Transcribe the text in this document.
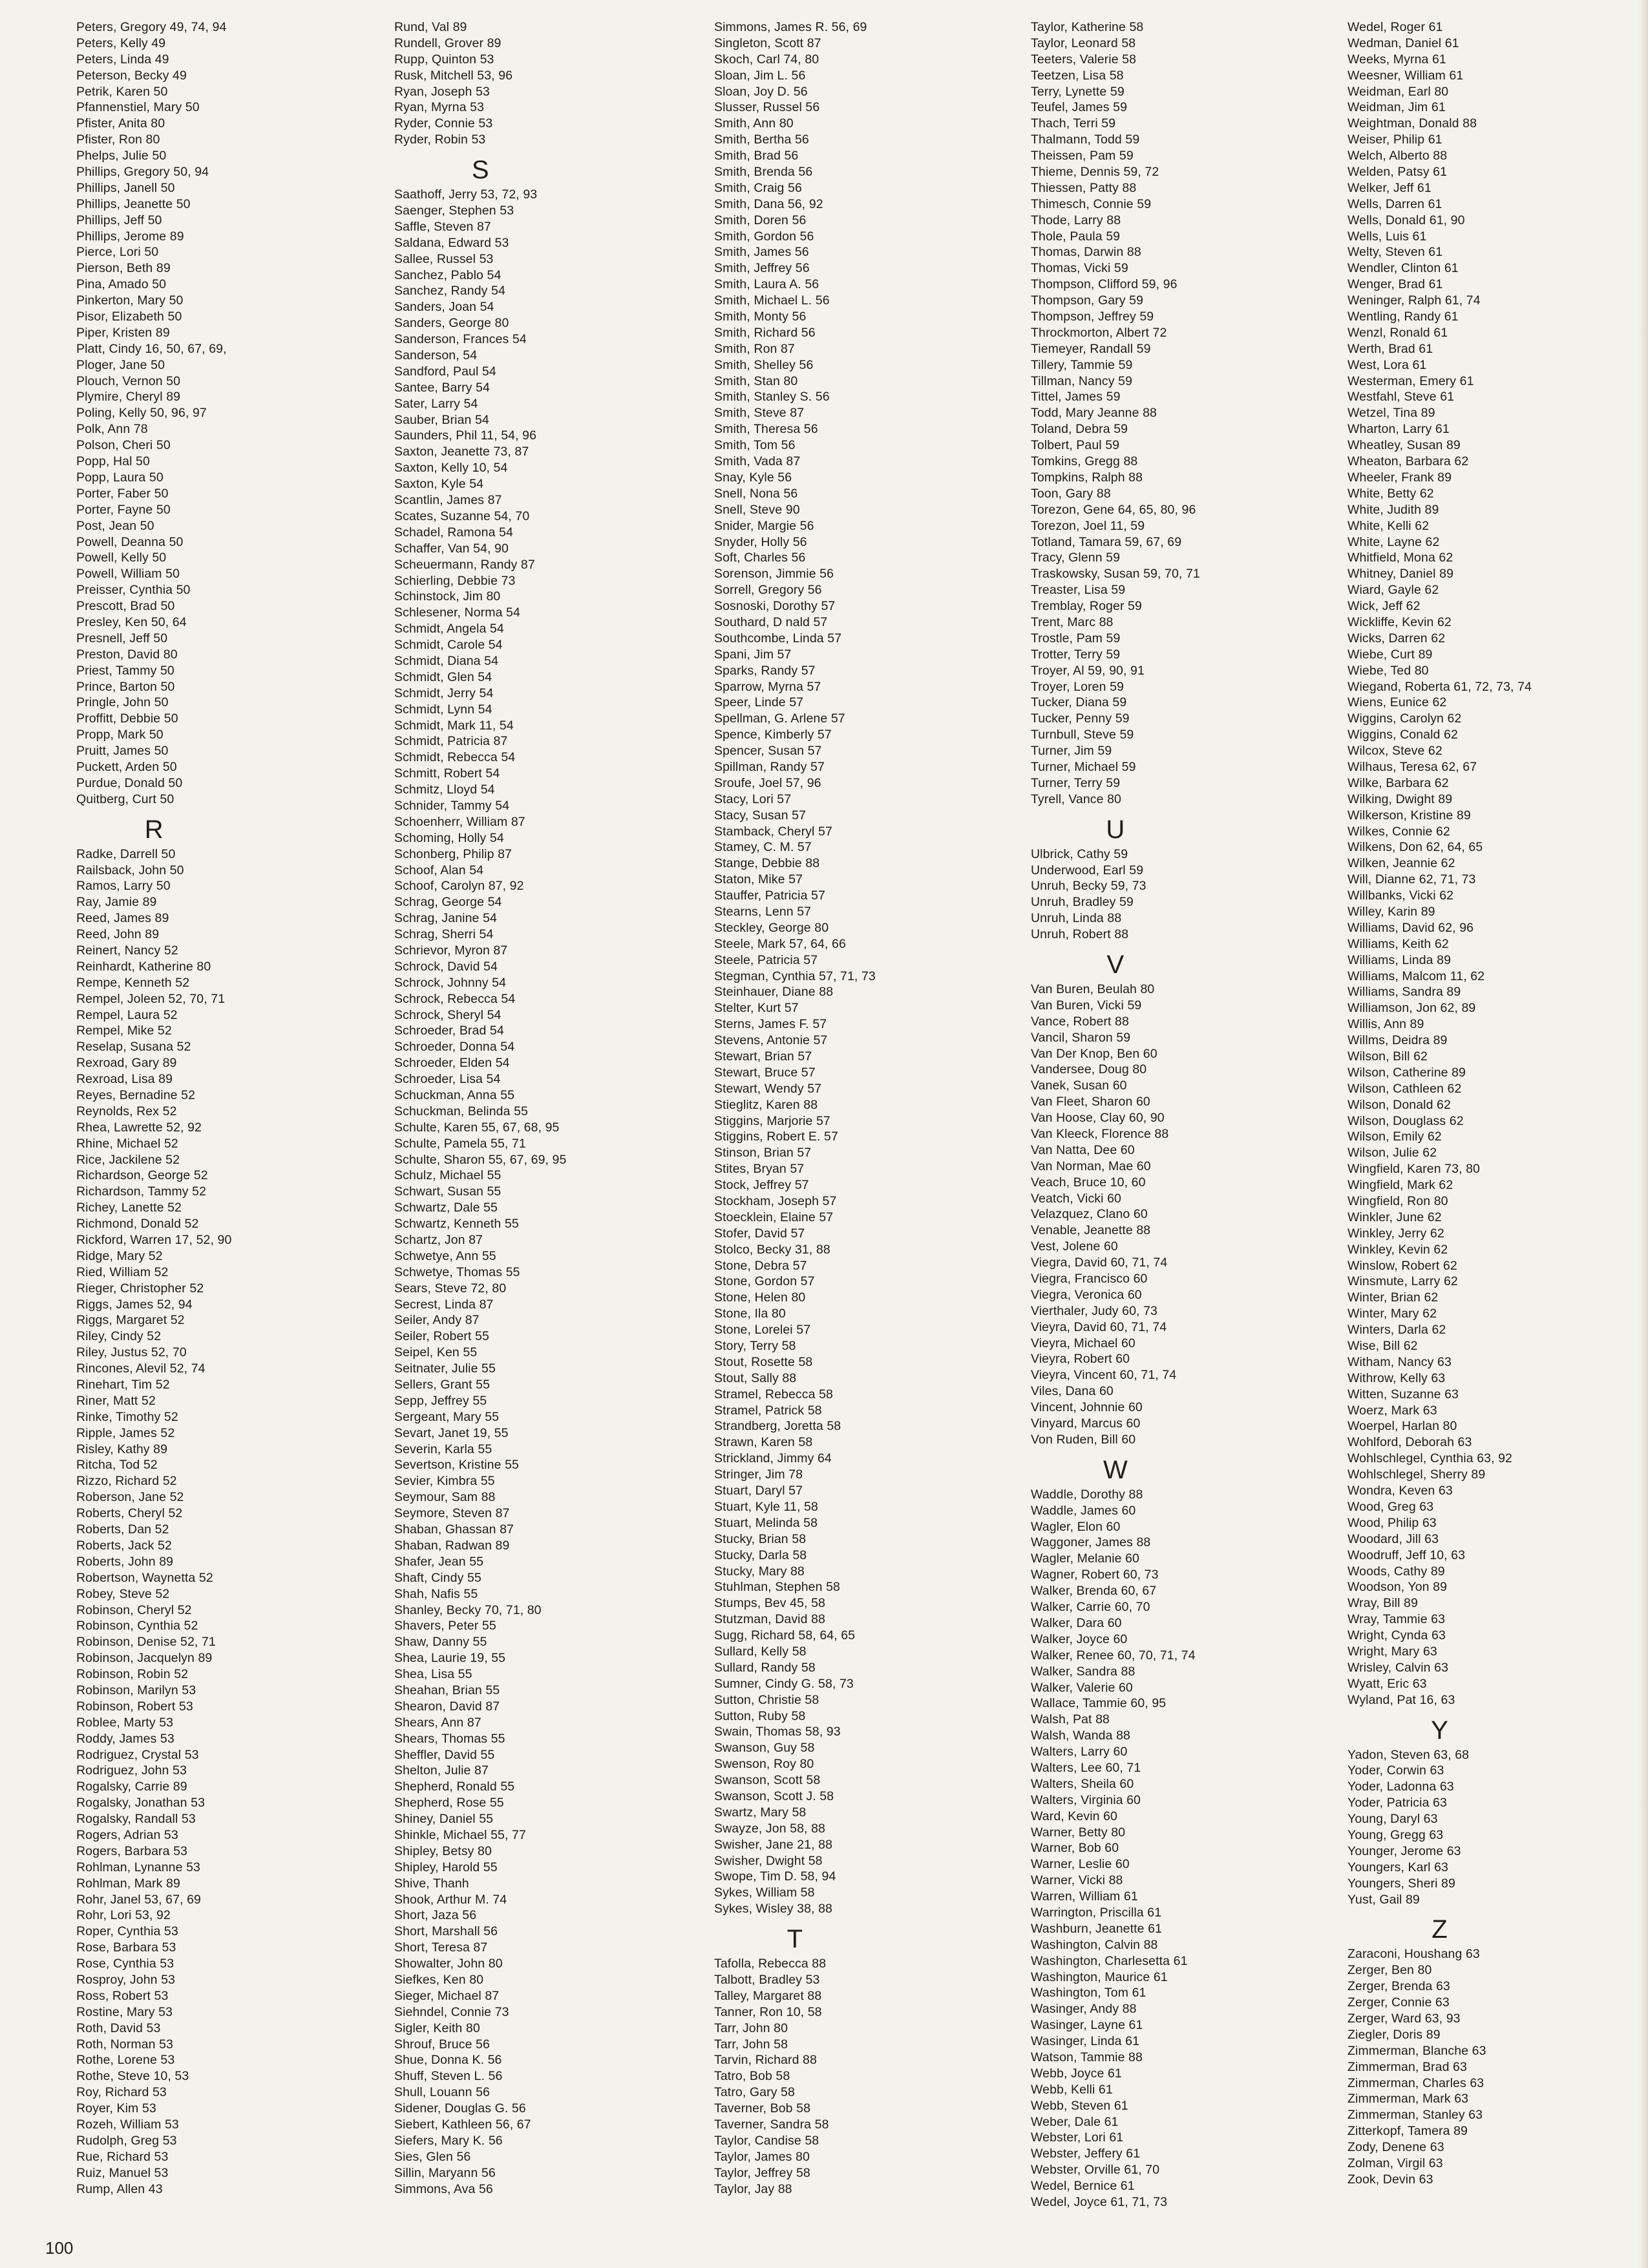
Peters, Gregory 49, 74, 94
Peters, Kelly 49
Peters, Linda 49
Peterson, Becky 49
Petrik, Karen 50
Pfannenstiel, Mary 50
Pfister, Anita 80
Pfister, Ron 80
Phelps, Julie 50
Phillips, Gregory 50, 94
Phillips, Janell 50
Phillips, Jeanette 50
Phillips, Jeff 50
Phillips, Jerome 89
Pierce, Lori 50
Pierson, Beth 89
Pina, Amado 50
Pinkerton, Mary 50
Pisor, Elizabeth 50
Piper, Kristen 89
Platt, Cindy 16, 50, 67, 69,
Ploger, Jane 50
Plouch, Vernon 50
Plymire, Cheryl 89
Poling, Kelly 50, 96, 97
Polk, Ann 78
Polson, Cheri 50
Popp, Hal 50
Popp, Laura 50
Porter, Faber 50
Porter, Fayne 50
Post, Jean 50
Powell, Deanna 50
Powell, Kelly 50
Powell, William 50
Preisser, Cynthia 50
Prescott, Brad 50
Presley, Ken 50, 64
Presnell, Jeff 50
Preston, David 80
Priest, Tammy 50
Prince, Barton 50
Pringle, John 50
Proffitt, Debbie 50
Propp, Mark 50
Pruitt, James 50
Puckett, Arden 50
Purdue, Donald 50
Quitberg, Curt 50
R
Radke, Darrell 50
Railsback, John 50
Ramos, Larry 50
Ray, Jamie 89
Reed, James 89
Reed, John 89
Reinert, Nancy 52
Reinhardt, Katherine 80
Rempe, Kenneth 52
Rempel, Joleen 52, 70, 71
Rempel, Laura 52
Rempel, Mike 52
Reselap, Susana 52
Rexroad, Gary 89
Rexroad, Lisa 89
Reyes, Bernadine 52
Reynolds, Rex 52
Rhea, Lawrette 52, 92
Rhine, Michael 52
Rice, Jackilene 52
Richardson, George 52
Richardson, Tammy 52
Richey, Lanette 52
Richmond, Donald 52
Rickford, Warren 17, 52, 90
Ridge, Mary 52
Ried, William 52
Rieger, Christopher 52
Riggs, James 52, 94
Riggs, Margaret 52
Riley, Cindy 52
Riley, Justus 52, 70
Rincones, Alevil 52, 74
Rinehart, Tim 52
Riner, Matt 52
Rinke, Timothy 52
Ripple, James 52
Risley, Kathy 89
Ritcha, Tod 52
Rizzo, Richard 52
Roberson, Jane 52
Roberts, Cheryl 52
Roberts, Dan 52
Roberts, Jack 52
Roberts, John 89
Robertson, Waynetta 52
Robey, Steve 52
Robinson, Cheryl 52
Robinson, Cynthia 52
Robinson, Denise 52, 71
Robinson, Jacquelyn 89
Robinson, Robin 52
Robinson, Marilyn 53
Robinson, Robert 53
Roblee, Marty 53
Roddy, James 53
Rodriguez, Crystal 53
Rodriguez, John 53
Rogalsky, Carrie 89
Rogalsky, Jonathan 53
Rogalsky, Randall 53
Rogers, Adrian 53
Rogers, Barbara 53
Rohlman, Lynanne 53
Rohlman, Mark 89
Rohr, Janel 53, 67, 69
Rohr, Lori 53, 92
Roper, Cynthia 53
Rose, Barbara 53
Rose, Cynthia 53
Rosproy, John 53
Ross, Robert 53
Rostine, Mary 53
Roth, David 53
Roth, Norman 53
Rothe, Lorene 53
Rothe, Steve 10, 53
Roy, Richard 53
Royer, Kim 53
Rozeh, William 53
Rudolph, Greg 53
Rue, Richard 53
Ruiz, Manuel 53
Rump, Allen 43
Rund, Val 89
Rundell, Grover 89
Rupp, Quinton 53
Rusk, Mitchell 53, 96
Ryan, Joseph 53
Ryan, Myrna 53
Ryder, Connie 53
Ryder, Robin 53
S
Saathoff, Jerry 53, 72, 93
Saenger, Stephen 53
Saffle, Steven 87
Saldana, Edward 53
Sallee, Russel 53
Sanchez, Pablo 54
Sanchez, Randy 54
Sanders, Joan 54
Sanders, George 80
Sanderson, Frances 54
Sanderson, 54
Sandford, Paul 54
Santee, Barry 54
Sater, Larry 54
Sauber, Brian 54
Saunders, Phil 11, 54, 96
Saxton, Jeanette 73, 87
Saxton, Kelly 10, 54
Saxton, Kyle 54
Scantlin, James 87
Scates, Suzanne 54, 70
Schadel, Ramona 54
Schaffer, Van 54, 90
Scheuermann, Randy 87
Schierling, Debbie 73
Schinstock, Jim 80
Schlesener, Norma 54
Schmidt, Angela 54
Schmidt, Carole 54
Schmidt, Diana 54
Schmidt, Glen 54
Schmidt, Jerry 54
Schmidt, Lynn 54
Schmidt, Mark 11, 54
Schmidt, Patricia 87
Schmidt, Rebecca 54
Schmitt, Robert 54
Schmitz, Lloyd 54
Schnider, Tammy 54
Schoenherr, William 87
Schoming, Holly 54
Schonberg, Philip 87
Schoof, Alan 54
Schoof, Carolyn 87, 92
Schrag, George 54
Schrag, Janine 54
Schrag, Sherri 54
Schrievor, Myron 87
Schrock, David 54
Schrock, Johnny 54
Schrock, Rebecca 54
Schrock, Sheryl 54
Schroeder, Brad 54
Schroeder, Donna 54
Schroeder, Elden 54
Schroeder, Lisa 54
Schuckman, Anna 55
Schuckman, Belinda 55
Schulte, Karen 55, 67, 68, 95
Schulte, Pamela 55, 71
Schulte, Sharon 55, 67, 69, 95
Schulz, Michael 55
Schwart, Susan 55
Schwartz, Dale 55
Schwartz, Kenneth 55
Schartz, Jon 87
Schwetye, Ann 55
Schwetye, Thomas 55
Sears, Steve 72, 80
Secrest, Linda 87
Seiler, Andy 87
Seiler, Robert 55
Seipel, Ken 55
Seitnater, Julie 55
Sellers, Grant 55
Sepp, Jeffrey 55
Sergeant, Mary 55
Sevart, Janet 19, 55
Severin, Karla 55
Severtson, Kristine 55
Sevier, Kimbra 55
Seymour, Sam 88
Seymore, Steven 87
Shaban, Ghassan 87
Shaban, Radwan 89
Shafer, Jean 55
Shaft, Cindy 55
Shah, Nafis 55
Shanley, Becky 70, 71, 80
Shavers, Peter 55
Shaw, Danny 55
Shea, Laurie 19, 55
Shea, Lisa 55
Sheahan, Brian 55
Shearon, David 87
Shears, Ann 87
Shears, Thomas 55
Sheffler, David 55
Shelton, Julie 87
Shepherd, Ronald 55
Shepherd, Rose 55
Shiney, Daniel 55
Shinkle, Michael 55, 77
Shipley, Betsy 80
Shipley, Harold 55
Shive, Thanh
Shook, Arthur M. 74
Short, Jaza 56
Short, Marshall 56
Short, Teresa 87
Showalter, John 80
Siefkes, Ken 80
Sieger, Michael 87
Siehndel, Connie 73
Sigler, Keith 80
Shrouf, Bruce 56
Shue, Donna K. 56
Shuff, Steven L. 56
Shull, Louann 56
Sidener, Douglas G. 56
Siebert, Kathleen 56, 67
Siefers, Mary K. 56
Sies, Glen 56
Sillin, Maryann 56
Simmons, Ava 56
Simmons, James R. 56, 69
Singleton, Scott 87
Skoch, Carl 74, 80
Sloan, Jim L. 56
Sloan, Joy D. 56
Slusser, Russel 56
Smith, Ann 80
Smith, Bertha 56
Smith, Brad 56
Smith, Brenda 56
Smith, Craig 56
Smith, Dana 56, 92
Smith, Doren 56
Smith, Gordon 56
Smith, James 56
Smith, Jeffrey 56
Smith, Laura A. 56
Smith, Michael L. 56
Smith, Monty 56
Smith, Richard 56
Smith, Ron 87
Smith, Shelley 56
Smith, Stan 80
Smith, Stanley S. 56
Smith, Steve 87
Smith, Theresa 56
Smith, Tom 56
Smith, Vada 87
Snay, Kyle 56
Snell, Nona 56
Snell, Steve 90
Snider, Margie 56
Snyder, Holly 56
Soft, Charles 56
Sorenson, Jimmie 56
Sorrell, Gregory 56
Sosnoski, Dorothy 57
Southard, D nald 57
Southcombe, Linda 57
Spani, Jim 57
Sparks, Randy 57
Sparrow, Myrna 57
Speer, Linde 57
Spellman, G. Arlene 57
Spence, Kimberly 57
Spencer, Susan 57
Spillman, Randy 57
Sroufe, Joel 57, 96
Stacy, Lori 57
Stacy, Susan 57
Stamback, Cheryl 57
Stamey, C. M. 57
Stange, Debbie 88
Staton, Mike 57
Stauffer, Patricia 57
Stearns, Lenn 57
Steckley, George 80
Steele, Mark 57, 64, 66
Steele, Patricia 57
Stegman, Cynthia 57, 71, 73
Steinhauer, Diane 88
Stelter, Kurt 57
Sterns, James F. 57
Stevens, Antonie 57
Stewart, Brian 57
Stewart, Bruce 57
Stewart, Wendy 57
Stieglitz, Karen 88
Stiggins, Marjorie 57
Stiggins, Robert E. 57
Stinson, Brian 57
Stites, Bryan 57
Stock, Jeffrey 57
Stockham, Joseph 57
Stoecklein, Elaine 57
Stofer, David 57
Stolco, Becky 31, 88
Stone, Debra 57
Stone, Gordon 57
Stone, Helen 80
Stone, Ila 80
Stone, Lorelei 57
Story, Terry 58
Stout, Rosette 58
Stout, Sally 88
Stramel, Rebecca 58
Stramel, Patrick 58
Strandberg, Joretta 58
Strawn, Karen 58
Strickland, Jimmy 64
Stringer, Jim 78
Stuart, Daryl 57
Stuart, Kyle 11, 58
Stuart, Melinda 58
Stucky, Brian 58
Stucky, Darla 58
Stucky, Mary 88
Stuhlman, Stephen 58
Stumps, Bev 45, 58
Stutzman, David 88
Sugg, Richard 58, 64, 65
Sullard, Kelly 58
Sullard, Randy 58
Sumner, Cindy G. 58, 73
Sutton, Christie 58
Sutton, Ruby 58
Swain, Thomas 58, 93
Swanson, Guy 58
Swenson, Roy 80
Swanson, Scott 58
Swanson, Scott J. 58
Swartz, Mary 58
Swayze, Jon 58, 88
Swisher, Jane 21, 88
Swisher, Dwight 58
Swope, Tim D. 58, 94
Sykes, William 58
Sykes, Wisley 38, 88
T
Tafolla, Rebecca 88
Talbott, Bradley 53
Talley, Margaret 88
Tanner, Ron 10, 58
Tarr, John 80
Tarr, John 58
Tarvin, Richard 88
Tatro, Bob 58
Tatro, Gary 58
Taverner, Bob 58
Taverner, Sandra 58
Taylor, Candise 58
Taylor, James 80
Taylor, Jeffrey 58
Taylor, Jay 88
Taylor, Katherine 58
Taylor, Leonard 58
Teeters, Valerie 58
Teetzen, Lisa 58
Terry, Lynette 59
Teufel, James 59
Thach, Terri 59
Thalmann, Todd 59
Theissen, Pam 59
Thieme, Dennis 59, 72
Thiessen, Patty 88
Thimesch, Connie 59
Thode, Larry 88
Thole, Paula 59
Thomas, Darwin 88
Thomas, Vicki 59
Thompson, Clifford 59, 96
Thompson, Gary 59
Thompson, Jeffrey 59
Throckmorton, Albert 72
Tiemeyer, Randall 59
Tillery, Tammie 59
Tillman, Nancy 59
Tittel, James 59
Todd, Mary Jeanne 88
Toland, Debra 59
Tolbert, Paul 59
Tomkins, Gregg 88
Tompkins, Ralph 88
Toon, Gary 88
Torezon, Gene 64, 65, 80, 96
Torezon, Joel 11, 59
Totland, Tamara 59, 67, 69
Tracy, Glenn 59
Traskowsky, Susan 59, 70, 71
Treaster, Lisa 59
Tremblay, Roger 59
Trent, Marc 88
Trostle, Pam 59
Trotter, Terry 59
Troyer, Al 59, 90, 91
Troyer, Loren 59
Tucker, Diana 59
Tucker, Penny 59
Turnbull, Steve 59
Turner, Jim 59
Turner, Michael 59
Turner, Terry 59
Tyrell, Vance 80
U
Ulbrick, Cathy 59
Underwood, Earl 59
Unruh, Becky 59, 73
Unruh, Bradley 59
Unruh, Linda 88
Unruh, Robert 88
V
Van Buren, Beulah 80
Van Buren, Vicki 59
Vance, Robert 88
Vancil, Sharon 59
Van Der Knop, Ben 60
Vandersee, Doug 80
Vanek, Susan 60
Van Fleet, Sharon 60
Van Hoose, Clay 60, 90
Van Kleeck, Florence 88
Van Natta, Dee 60
Van Norman, Mae 60
Veach, Bruce 10, 60
Veatch, Vicki 60
Velazquez, Clano 60
Venable, Jeanette 88
Vest, Jolene 60
Viegra, David 60, 71, 74
Viegra, Francisco 60
Viegra, Veronica 60
Vierthaler, Judy 60, 73
Vieyra, David 60, 71, 74
Vieyra, Michael 60
Vieyra, Robert 60
Vieyra, Vincent 60, 71, 74
Viles, Dana 60
Vincent, Johnnie 60
Vinyard, Marcus 60
Von Ruden, Bill 60
W
Waddle, Dorothy 88
Waddle, James 60
Wagler, Elon 60
Waggoner, James 88
Wagler, Melanie 60
Wagner, Robert 60, 73
Walker, Brenda 60, 67
Walker, Carrie 60, 70
Walker, Dara 60
Walker, Joyce 60
Walker, Renee 60, 70, 71, 74
Walker, Sandra 88
Walker, Valerie 60
Wallace, Tammie 60, 95
Walsh, Pat 88
Walsh, Wanda 88
Walters, Larry 60
Walters, Lee 60, 71
Walters, Sheila 60
Walters, Virginia 60
Ward, Kevin 60
Warner, Betty 80
Warner, Bob 60
Warner, Leslie 60
Warner, Vicki 88
Warren, William 61
Warrington, Priscilla 61
Washburn, Jeanette 61
Washington, Calvin 88
Washington, Charlesetta 61
Washington, Maurice 61
Washington, Tom 61
Wasinger, Andy 88
Wasinger, Layne 61
Wasinger, Linda 61
Watson, Tammie 88
Webb, Joyce 61
Webb, Kelli 61
Webb, Steven 61
Weber, Dale 61
Webster, Lori 61
Webster, Jeffery 61
Webster, Orville 61, 70
Wedel, Bernice 61
Wedel, Joyce 61, 71, 73
Wedel, Roger 61
Wedman, Daniel 61
Weeks, Myrna 61
Weesner, William 61
Weidman, Earl 80
Weidman, Jim 61
Weightman, Donald 88
Weiser, Philip 61
Welch, Alberto 88
Welden, Patsy 61
Welker, Jeff 61
Wells, Darren 61
Wells, Donald 61, 90
Wells, Luis 61
Welty, Steven 61
Wendler, Clinton 61
Wenger, Brad 61
Weninger, Ralph 61, 74
Wentling, Randy 61
Wenzl, Ronald 61
Werth, Brad 61
West, Lora 61
Westerman, Emery 61
Westfahl, Steve 61
Wetzel, Tina 89
Wharton, Larry 61
Wheatley, Susan 89
Wheaton, Barbara 62
Wheeler, Frank 89
White, Betty 62
White, Judith 89
White, Kelli 62
White, Layne 62
Whitfield, Mona 62
Whitney, Daniel 89
Wiard, Gayle 62
Wick, Jeff 62
Wickliffe, Kevin 62
Wicks, Darren 62
Wiebe, Curt 89
Wiebe, Ted 80
Wiegand, Roberta 61, 72, 73, 74
Wiens, Eunice 62
Wiggins, Carolyn 62
Wiggins, Conald 62
Wilcox, Steve 62
Wilhaus, Teresa 62, 67
Wilke, Barbara 62
Wilking, Dwight 89
Wilkerson, Kristine 89
Wilkes, Connie 62
Wilkens, Don 62, 64, 65
Wilken, Jeannie 62
Will, Dianne 62, 71, 73
Willbanks, Vicki 62
Willey, Karin 89
Williams, David 62, 96
Williams, Keith 62
Williams, Linda 89
Williams, Malcom 11, 62
Williams, Sandra 89
Williamson, Jon 62, 89
Willis, Ann 89
Willms, Deidra 89
Wilson, Bill 62
Wilson, Catherine 89
Wilson, Cathleen 62
Wilson, Donald 62
Wilson, Douglass 62
Wilson, Emily 62
Wilson, Julie 62
Wingfield, Karen 73, 80
Wingfield, Mark 62
Wingfield, Ron 80
Winkler, June 62
Winkley, Jerry 62
Winkley, Kevin 62
Winslow, Robert 62
Winsmute, Larry 62
Winter, Brian 62
Winter, Mary 62
Winters, Darla 62
Wise, Bill 62
Witham, Nancy 63
Withrow, Kelly 63
Witten, Suzanne 63
Woerz, Mark 63
Woerpel, Harlan 80
Wohlford, Deborah 63
Wohlschlegel, Cynthia 63, 92
Wohlschlegel, Sherry 89
Wondra, Keven 63
Wood, Greg 63
Wood, Philip 63
Woodard, Jill 63
Woodruff, Jeff 10, 63
Woods, Cathy 89
Woodson, Yon 89
Wray, Bill 89
Wray, Tammie 63
Wright, Cynda 63
Wright, Mary 63
Wrisley, Calvin 63
Wyatt, Eric 63
Wyland, Pat 16, 63
Y
Yadon, Steven 63, 68
Yoder, Corwin 63
Yoder, Ladonna 63
Yoder, Patricia 63
Young, Daryl 63
Young, Gregg 63
Younger, Jerome 63
Youngers, Karl 63
Youngers, Sheri 89
Yust, Gail 89
Z
Zaraconi, Houshang 63
Zerger, Ben 80
Zerger, Brenda 63
Zerger, Connie 63
Zerger, Ward 63, 93
Ziegler, Doris 89
Zimmerman, Blanche 63
Zimmerman, Brad 63
Zimmerman, Charles 63
Zimmerman, Mark 63
Zimmerman, Stanley 63
Zitterkopf, Tamera 89
Zody, Denene 63
Zolman, Virgil 63
Zook, Devin 63
100
